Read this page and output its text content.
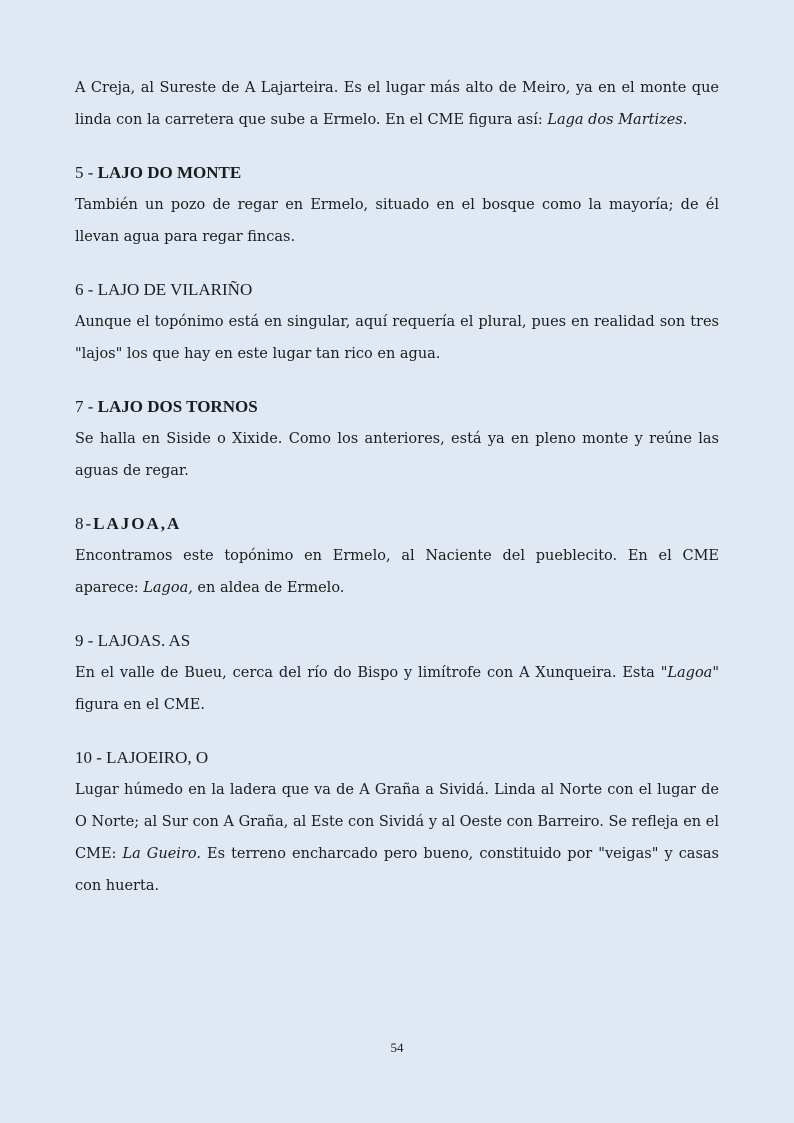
A Creja, al Sureste de A Lajarteira. Es el lugar más alto de Meiro, ya en el monte que linda con la carretera que sube a Ermelo. En el CME figura así: Laga dos Martizes.

5 - LAJO DO MONTE

También un pozo de regar en Ermelo, situado en el bosque como la mayoría; de él llevan agua para regar fincas.

6 - LAJO DE VILARIÑO

Aunque el topónimo está en singular, aquí requería el plural, pues en realidad son tres "lajos" los que hay en este lugar tan rico en agua.

7 - LAJO DOS TORNOS

Se halla en Siside o Xixide. Como los anteriores, está ya en pleno monte y reúne las aguas de regar.

8-LAJOA,A

Encontramos este topónimo en Ermelo, al Naciente del pueblecito. En el CME aparece: Lagoa, en aldea de Ermelo.

9 - LAJOAS. AS

En el valle de Bueu, cerca del río do Bispo y limítrofe con A Xunqueira. Esta "Lagoa" figura en el CME.

10 - LAJOEIRO, O

Lugar húmedo en la ladera que va de A Graña a Sividá. Linda al Norte con el lugar de O Norte; al Sur con A Graña, al Este con Sividá y al Oeste con Barreiro. Se refleja en el CME: La Gueiro. Es terreno encharcado pero bueno, constituido por "veigas" y casas con huerta.

54
